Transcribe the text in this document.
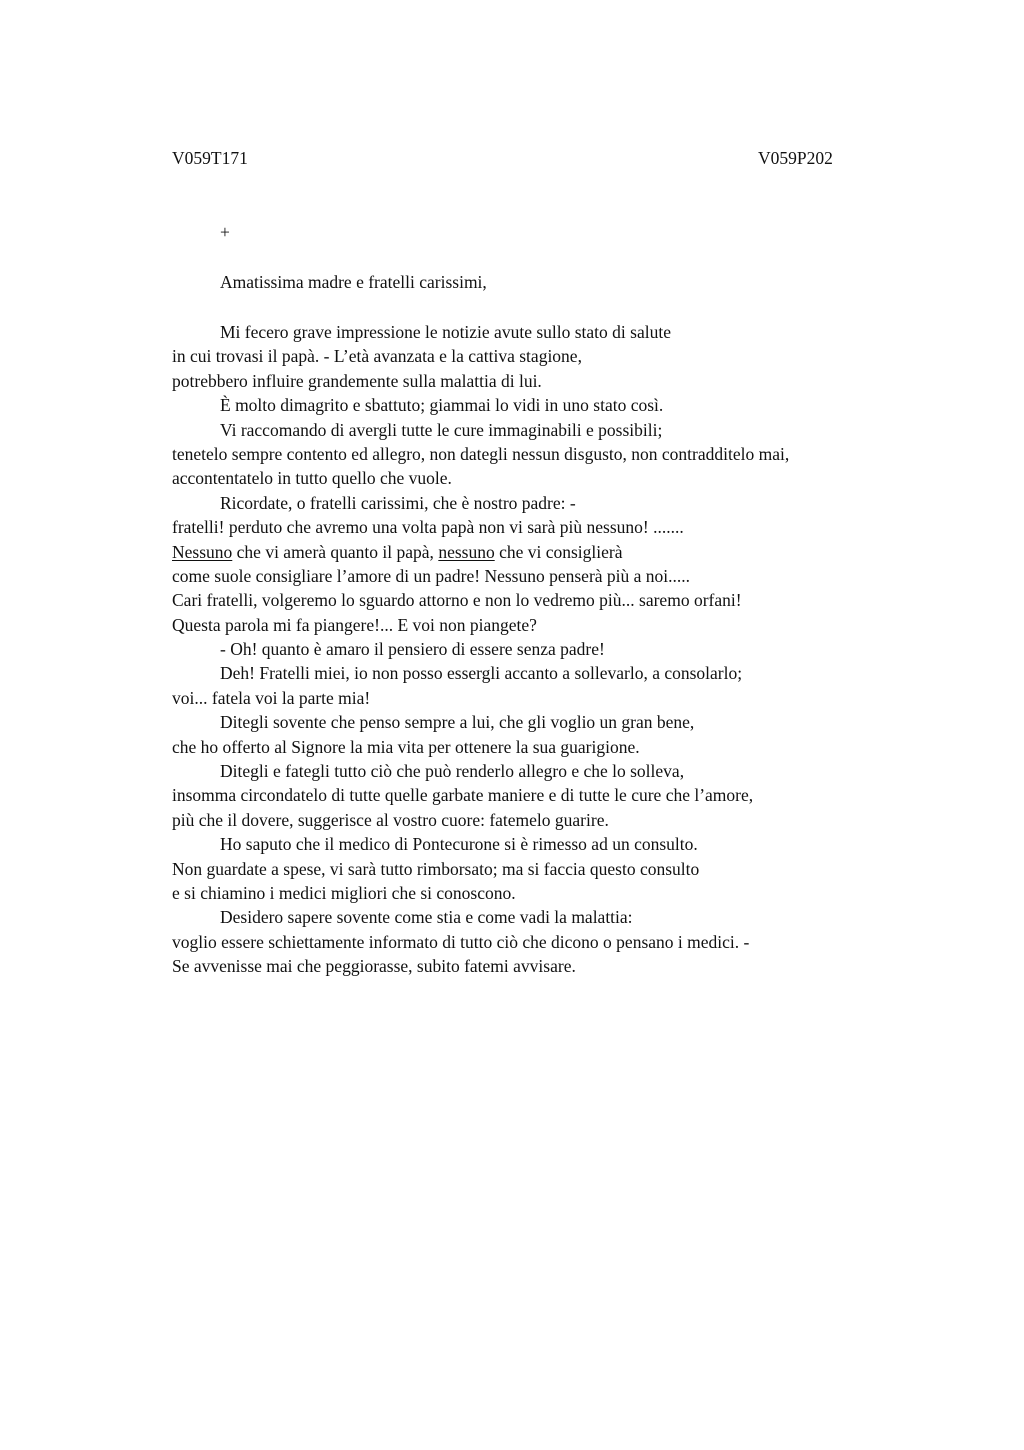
V059T171	V059P202
+
Amatissima madre e fratelli carissimi,
Mi fecero grave impressione le notizie avute sullo stato di salute
in cui trovasi il papà. - L’età avanzata e la cattiva stagione,
potrebbero influire grandemente sulla malattia di lui.
È molto dimagrito e sbattuto; giammai lo vidi in uno stato così.
Vi raccomando di avergli tutte le cure immaginabili e possibili;
tenetelo sempre contento ed allegro, non dategli nessun disgusto, non contradditelo mai,
accontentatelo in tutto quello che vuole.
Ricordate, o fratelli carissimi, che è nostro padre: -
fratelli! perduto che avremo una volta papà non vi sarà più nessuno! .......
Nessuno che vi amerà quanto il papà, nessuno che vi consiglierà
come suole consigliare l’amore di un padre! Nessuno penserà più a noi.....
Cari fratelli, volgeremo lo sguardo attorno e non lo vedremo più... saremo orfani!
Questa parola mi fa piangere!... E voi non piangete?
- Oh! quanto è amaro il pensiero di essere senza padre!
Deh! Fratelli miei, io non posso essergli accanto a sollevarlo, a consolarlo;
voi... fatela voi la parte mia!
Ditegli sovente che penso sempre a lui, che gli voglio un gran bene,
che ho offerto al Signore la mia vita per ottenere la sua guarigione.
Ditegli e fategli tutto ciò che può renderlo allegro e che lo solleva,
insomma circondatelo di tutte quelle garbate maniere e di tutte le cure che l’amore,
più che il dovere, suggerisce al vostro cuore: fatemelo guarire.
Ho saputo che il medico di Pontecurone si è rimesso ad un consulto.
Non guardate a spese, vi sarà tutto rimborsato; ma si faccia questo consulto
e si chiamino i medici migliori che si conoscono.
Desidero sapere sovente come stia e come vadi la malattia:
voglio essere schiettamente informato di tutto ciò che dicono o pensano i medici. -
Se avvenisse mai che peggiorasse, subito fatemi avvisare.
